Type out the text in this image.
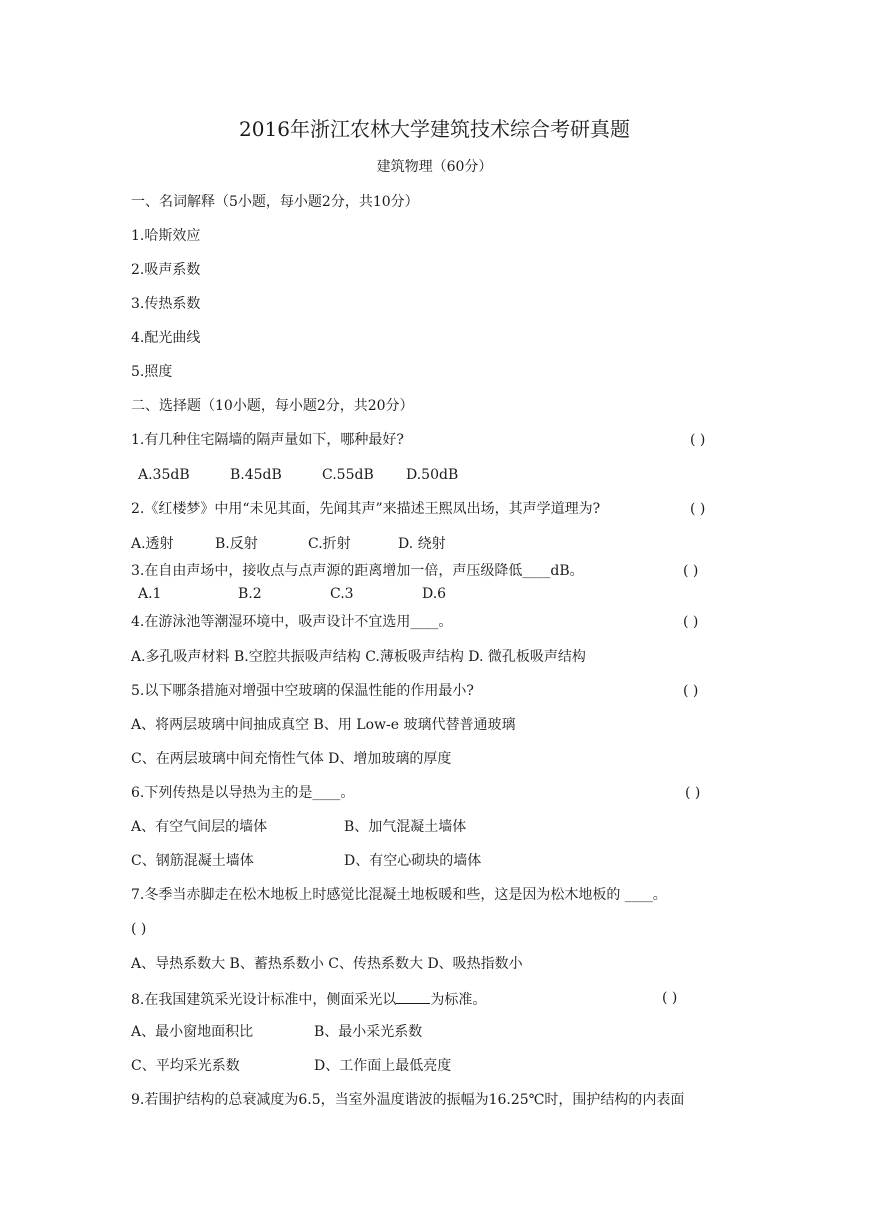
2016年浙江农林大学建筑技术综合考研真题
建筑物理（60分）
一、名词解释（5小题，每小题2分，共10分）
1.哈斯效应
2.吸声系数
3.传热系数
4.配光曲线
5.照度
二、选择题（10小题，每小题2分，共20分）
1.有几种住宅隔墙的隔声量如下，哪种最好?	( )
A.35dB	B.45dB	C.55dB D.50dB
2.《红楼梦》中用“未见其面，先闻其声”来描述王熙凤出场，其声学道理为?	( )
A.透射	B.反射	C.折射	D. 绕射
3.在自由声场中，接收点与点声源的距离增加一倍，声压级降低____dB。	( )
A.1	B.2	C.3	D.6
4.在游泳池等潮湿环境中，吸声设计不宜选用____。	( )
A.多孔吸声材料 B.空腔共振吸声结构 C.薄板吸声结构 D. 微孔板吸声结构
5.以下哪条措施对增强中空玻璃的保温性能的作用最小?	( )
A、将两层玻璃中间抽成真空 B、用 Low-e 玻璃代替普通玻璃
C、在两层玻璃中间充惰性气体 D、增加玻璃的厚度
6.下列传热是以导热为主的是____。	( )
A、有空气间层的墙体	B、加气混凝土墙体
C、钢筋混凝土墙体	D、有空心砌块的墙体
7.冬季当赤脚走在松木地板上时感觉比混凝土地板暖和些，这是因为松木地板的 ____。
( )
A、导热系数大 B、蓄热系数小 C、传热系数大 D、吸热指数小
8.在我国建筑采光设计标准中，侧面采光以 为标准。	( )
A、最小窗地面积比	B、最小采光系数
C、平均采光系数	D、工作面上最低亮度
9.若围护结构的总衰减度为6.5，当室外温度谐波的振幅为16.25℃时，围护结构的内表面
